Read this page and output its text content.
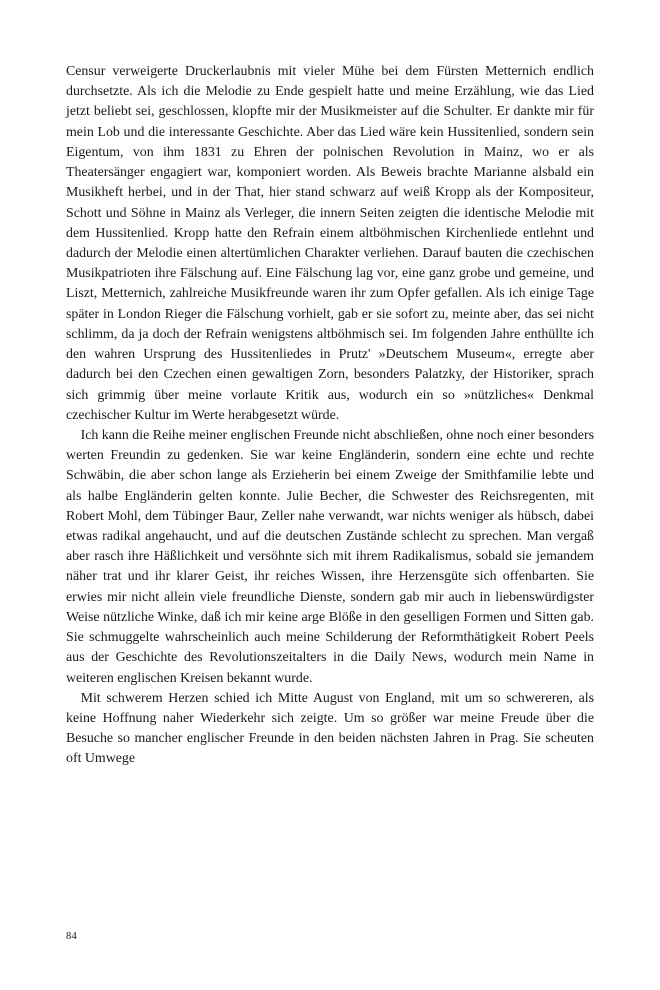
Censur verweigerte Druckerlaubnis mit vieler Mühe bei dem Fürsten Metternich endlich durchsetzte. Als ich die Melodie zu Ende gespielt hatte und meine Erzählung, wie das Lied jetzt beliebt sei, geschlossen, klopfte mir der Musikmeister auf die Schulter. Er dankte mir für mein Lob und die interessante Geschichte. Aber das Lied wäre kein Hussitenlied, sondern sein Eigentum, von ihm 1831 zu Ehren der polnischen Revolution in Mainz, wo er als Theatersänger engagiert war, komponiert worden. Als Beweis brachte Marianne alsbald ein Musikheft herbei, und in der That, hier stand schwarz auf weiß Kropp als der Kompositeur, Schott und Söhne in Mainz als Verleger, die innern Seiten zeigten die identische Melodie mit dem Hussitenlied. Kropp hatte den Refrain einem altböhmischen Kirchenliede entlehnt und dadurch der Melodie einen altertümlichen Charakter verliehen. Darauf bauten die czechischen Musikpatrioten ihre Fälschung auf. Eine Fälschung lag vor, eine ganz grobe und gemeine, und Liszt, Metternich, zahlreiche Musikfreunde waren ihr zum Opfer gefallen. Als ich einige Tage später in London Rieger die Fälschung vorhielt, gab er sie sofort zu, meinte aber, das sei nicht schlimm, da ja doch der Refrain wenigstens altböhmisch sei. Im folgenden Jahre enthüllte ich den wahren Ursprung des Hussitenliedes in Prutz' »Deutschem Museum«, erregte aber dadurch bei den Czechen einen gewaltigen Zorn, besonders Palatzky, der Historiker, sprach sich grimmig über meine vorlaute Kritik aus, wodurch ein so »nützliches« Denkmal czechischer Kultur im Werte herabgesetzt würde.

Ich kann die Reihe meiner englischen Freunde nicht abschließen, ohne noch einer besonders werten Freundin zu gedenken. Sie war keine Engländerin, sondern eine echte und rechte Schwäbin, die aber schon lange als Erzieherin bei einem Zweige der Smithfamilie lebte und als halbe Engländerin gelten konnte. Julie Becher, die Schwester des Reichsregenten, mit Robert Mohl, dem Tübinger Baur, Zeller nahe verwandt, war nichts weniger als hübsch, dabei etwas radikal angehaucht, und auf die deutschen Zustände schlecht zu sprechen. Man vergaß aber rasch ihre Häßlichkeit und versöhnte sich mit ihrem Radikalismus, sobald sie jemandem näher trat und ihr klarer Geist, ihr reiches Wissen, ihre Herzensgüte sich offenbarten. Sie erwies mir nicht allein viele freundliche Dienste, sondern gab mir auch in liebenswürdigster Weise nützliche Winke, daß ich mir keine arge Blöße in den geselligen Formen und Sitten gab. Sie schmuggelte wahrscheinlich auch meine Schilderung der Reformthätigkeit Robert Peels aus der Geschichte des Revolutionszeitalters in die Daily News, wodurch mein Name in weiteren englischen Kreisen bekannt wurde.

Mit schwerem Herzen schied ich Mitte August von England, mit um so schwereren, als keine Hoffnung naher Wiederkehr sich zeigte. Um so größer war meine Freude über die Besuche so mancher englischer Freunde in den beiden nächsten Jahren in Prag. Sie scheuten oft Umwege

84
